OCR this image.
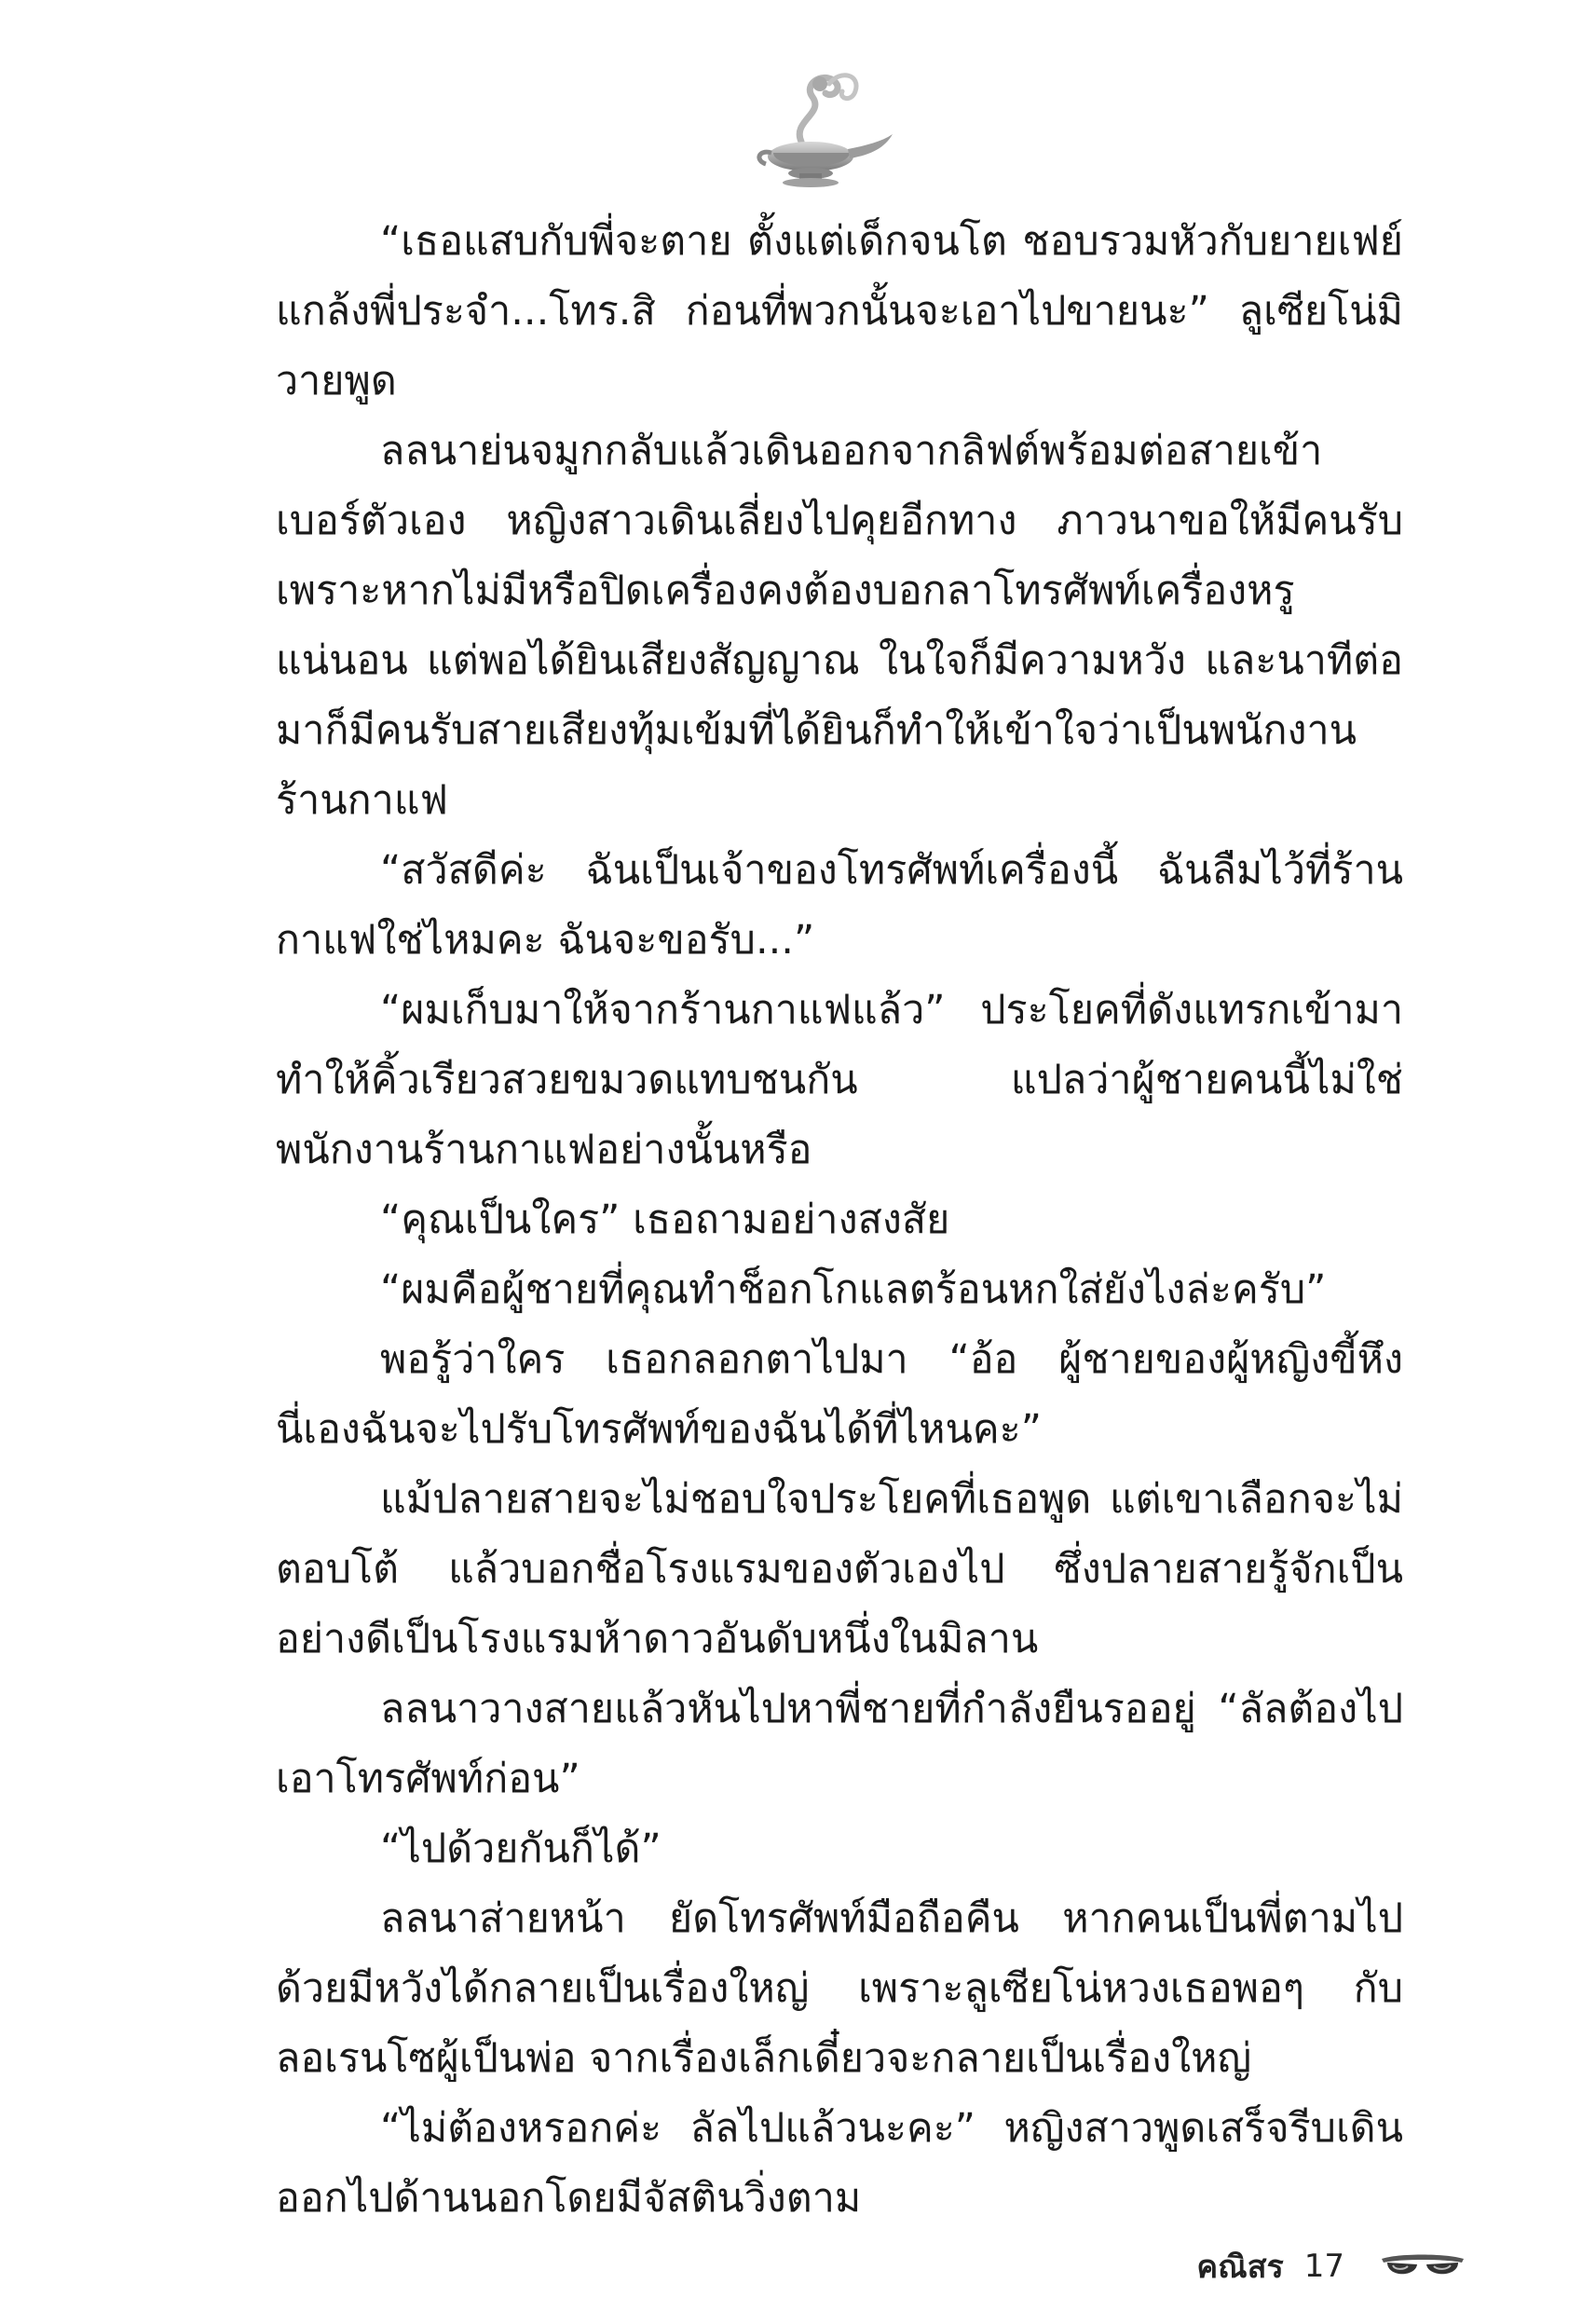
“เธอแสบกับพี่จะตาย ตั้งแต่เด็กจนโต ชอบรวมหัวกับยายเฟย์แกล้งพี่ประจำ...โทร.สิ ก่อนที่พวกนั้นจะเอาไปขายนะ” ลูเซียโน่มิวายพูด

ลลนาย่นจมูกกลับแล้วเดินออกจากลิฟต์พร้อมต่อสายเข้าเบอร์ตัวเอง หญิงสาวเดินเลี่ยงไปคุยอีกทาง ภาวนาขอให้มีคนรับ เพราะหากไม่มีหรือปิดเครื่องคงต้องบอกลาโทรศัพท์เครื่องหรูแน่นอน แต่พอได้ยินเสียงสัญญาณ ในใจก็มีความหวัง และนาทีต่อมาก็มีคนรับสายเสียงทุ้มเข้มที่ได้ยินก็ทำให้เข้าใจว่าเป็นพนักงานร้านกาแฟ

“สวัสดีค่ะ ฉันเป็นเจ้าของโทรศัพท์เครื่องนี้ ฉันลืมไว้ที่ร้านกาแฟใช่ไหมคะ ฉันจะขอรับ...”

“ผมเก็บมาให้จากร้านกาแฟแล้ว” ประโยคที่ดังแทรกเข้ามาทำให้คิ้วเรียวสวยขมวดแทบชนกัน แปลว่าผู้ชายคนนี้ไม่ใช่พนักงานร้านกาแฟอย่างนั้นหรือ

“คุณเป็นใคร” เธอถามอย่างสงสัย

“ผมคือผู้ชายที่คุณทำช็อกโกแลตร้อนหกใส่ยังไงล่ะครับ”

พอรู้ว่าใคร เธอกลอกตาไปมา “อ้อ ผู้ชายของผู้หญิงขี้หึงนี่เองฉันจะไปรับโทรศัพท์ของฉันได้ที่ไหนคะ”

แม้ปลายสายจะไม่ชอบใจประโยคที่เธอพูด แต่เขาเลือกจะไม่ตอบโต้ แล้วบอกชื่อโรงแรมของตัวเองไป ซึ่งปลายสายรู้จักเป็นอย่างดีเป็นโรงแรมห้าดาวอันดับหนึ่งในมิลาน

ลลนาวางสายแล้วหันไปหาพี่ชายที่กำลังยืนรออยู่ “ลัลต้องไปเอาโทรศัพท์ก่อน”

“ไปด้วยกันก็ได้”

ลลนาส่ายหน้า ยัดโทรศัพท์มือถือคืน หากคนเป็นพี่ตามไปด้วยมีหวังได้กลายเป็นเรื่องใหญ่ เพราะลูเซียโน่หวงเธอพอๆ กับลอเรนโซผู้เป็นพ่อ จากเรื่องเล็กเดี๋ยวจะกลายเป็นเรื่องใหญ่

“ไม่ต้องหรอกค่ะ ลัลไปแล้วนะคะ” หญิงสาวพูดเสร็จรีบเดินออกไปด้านนอกโดยมีจัสตินวิ่งตาม

คณิสร 17
